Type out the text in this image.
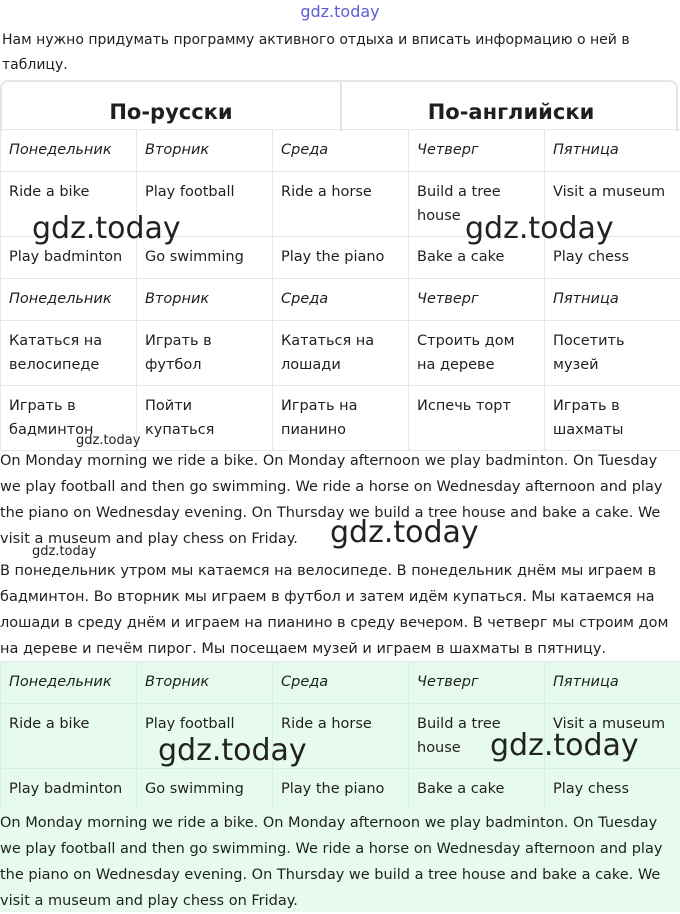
gdz.today
Нам нужно придумать программу активного отдыха и вписать информацию о ней в таблицу.
По-русски	По-английски
Понедельник	Вторник	Среда	Четверг	Пятница
Ride a bike	Play football	Ride a horse	Build a tree house	Visit a museum
Play badminton	Go swimming	Play the piano	Bake a cake	Play chess
Понедельник	Вторник	Среда	Четверг	Пятница
Кататься на велосипеде	Играть в футбол	Кататься на лошади	Строить дом на дереве	Посетить музей
Играть в бадминтон	Пойти купаться	Играть на пианино	Испечь торт	Играть в шахматы
On Monday morning we ride a bike. On Monday afternoon we play badminton. On Tuesday we play football and then go swimming. We ride a horse on Wednesday afternoon and play the piano on Wednesday evening. On Thursday we build a tree house and bake a cake. We visit a museum and play chess on Friday.
В понедельник утром мы катаемся на велосипеде. В понедельник днём мы играем в бадминтон. Во вторник мы играем в футбол и затем идём купаться. Мы катаемся на лошади в среду днём и играем на пианино в среду вечером. В четверг мы строим дом на дереве и печём пирог. Мы посещаем музей и играем в шахматы в пятницу.
Понедельник	Вторник	Среда	Четверг	Пятница
Ride a bike	Play football	Ride a horse	Build a tree house	Visit a museum
Play badminton	Go swimming	Play the piano	Bake a cake	Play chess
On Monday morning we ride a bike. On Monday afternoon we play badminton. On Tuesday we play football and then go swimming. We ride a horse on Wednesday afternoon and play the piano on Wednesday evening. On Thursday we build a tree house and bake a cake. We visit a museum and play chess on Friday.
gdz.today	gdz.today
gdz.today
gdz.today
gdz.today
gdz.today	gdz.today
